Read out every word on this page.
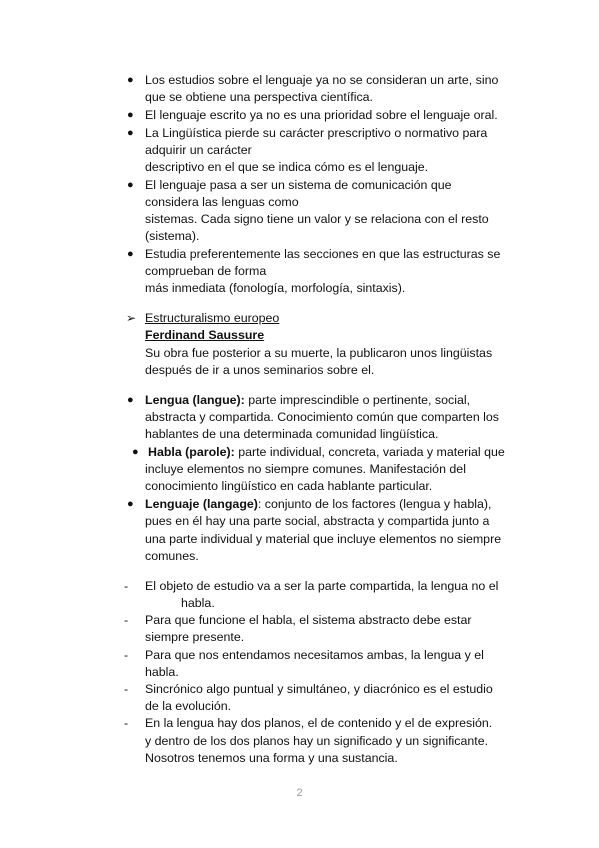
● Los estudios sobre el lenguaje ya no se consideran un arte, sino
que se obtiene una perspectiva científica.
● El lenguaje escrito ya no es una prioridad sobre el lenguaje oral.
● La Lingüística pierde su carácter prescriptivo o normativo para
adquirir un carácter
descriptivo en el que se indica cómo es el lenguaje.
● El lenguaje pasa a ser un sistema de comunicación que
considera las lenguas como
sistemas. Cada signo tiene un valor y se relaciona con el resto
(sistema).
● Estudia preferentemente las secciones en que las estructuras se
comprueban de forma
más inmediata (fonología, morfología, sintaxis).
➢ Estructuralismo europeo
Ferdinand Saussure
Su obra fue posterior a su muerte, la publicaron unos lingüistas
después de ir a unos seminarios sobre el.
● Lengua (langue): parte imprescindible o pertinente, social,
abstracta y compartida. Conocimiento común que comparten los
hablantes de una determinada comunidad lingüística.
● Habla (parole): parte individual, concreta, variada y material que
incluye elementos no siempre comunes. Manifestación del
conocimiento lingüístico en cada hablante particular.
● Lenguaje (langage): conjunto de los factores (lengua y habla),
pues en él hay una parte social, abstracta y compartida junto a
una parte individual y material que incluye elementos no siempre
comunes.
- El objeto de estudio va a ser la parte compartida, la lengua no el
habla.
- Para que funcione el habla, el sistema abstracto debe estar
siempre presente.
- Para que nos entendamos necesitamos ambas, la lengua y el
habla.
- Sincrónico algo puntual y simultáneo, y diacrónico es el estudio
de la evolución.
- En la lengua hay dos planos, el de contenido y el de expresión.
y dentro de los dos planos hay un significado y un significante.
Nosotros tenemos una forma y una sustancia.
2
